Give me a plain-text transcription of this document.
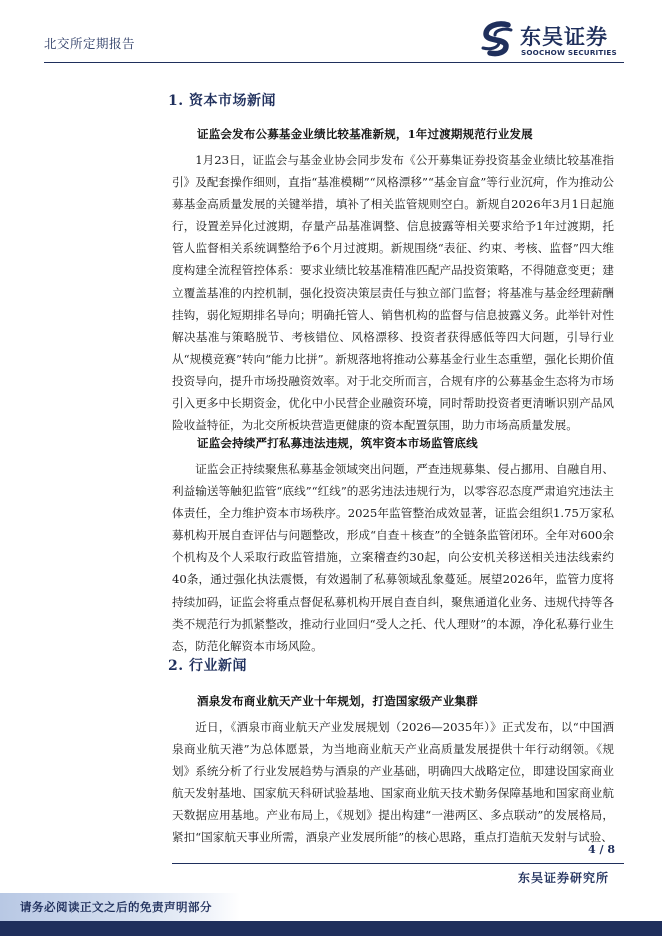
北交所定期报告	东吴证券
SOOCHOW SECURITIES
1. 资本市场新闻
证监会发布公募基金业绩比较基准新规，1年过渡期规范行业发展

1月23日，证监会与基金业协会同步发布《公开募集证券投资基金业绩比较基准指引》及配套操作细则，直指“基准模糊”“风格漂移”“基金盲盒”等行业沉疴，作为推动公募基金高质量发展的关键举措，填补了相关监管规则空白。新规自2026年3月1日起施行，设置差异化过渡期，存量产品基准调整、信息披露等相关要求给予1年过渡期，托管人监督相关系统调整给予6个月过渡期。新规围绕“表征、约束、考核、监督”四大维度构建全流程管控体系：要求业绩比较基准精准匹配产品投资策略，不得随意变更；建立覆盖基准的内控机制，强化投资决策层责任与独立部门监督；将基准与基金经理薪酬挂钩，弱化短期排名导向；明确托管人、销售机构的监督与信息披露义务。此举针对性解决基准与策略脱节、考核错位、风格漂移、投资者获得感低等四大问题，引导行业从“规模竞赛”转向“能力比拼”。新规落地将推动公募基金行业生态重塑，强化长期价值投资导向，提升市场投融资效率。对于北交所而言，合规有序的公募基金生态将为市场引入更多中长期资金，优化中小民营企业融资环境，同时帮助投资者更清晰识别产品风险收益特征，为北交所板块营造更健康的资本配置氛围，助力市场高质量发展。

证监会持续严打私募违法违规，筑牢资本市场监管底线

证监会正持续聚焦私募基金领域突出问题，严查违规募集、侵占挪用、自融自用、利益输送等触犯监管“底线”“红线”的恶劣违法违规行为，以零容忍态度严肃追究违法主体责任，全力维护资本市场秩序。2025年监管整治成效显著，证监会组织1.75万家私募机构开展自查评估与问题整改，形成“自查＋核查”的全链条监管闭环。全年对600余个机构及个人采取行政监管措施，立案稽查约30起，向公安机关移送相关违法线索约40条，通过强化执法震慑，有效遏制了私募领域乱象蔓延。展望2026年，监管力度将持续加码，证监会将重点督促私募机构开展自查自纠，聚焦通道化业务、违规代持等各类不规范行为抓紧整改，推动行业回归“受人之托、代人理财”的本源，净化私募行业生态，防范化解资本市场风险。

2. 行业新闻
酒泉发布商业航天产业十年规划，打造国家级产业集群

近日，《酒泉市商业航天产业发展规划（2026—2035年）》正式发布，以“中国酒泉商业航天港”为总体愿景，为当地商业航天产业高质量发展提供十年行动纲领。《规划》系统分析了行业发展趋势与酒泉的产业基础，明确四大战略定位，即建设国家商业航天发射基地、国家航天科研试验基地、国家商业航天技术勤务保障基地和国家商业航天数据应用基地。产业布局上，《规划》提出构建“一港两区、多点联动”的发展格局，紧扣“国家航天事业所需，酒泉产业发展所能”的核心思路，重点打造航天发射与试验、

4 / 8
东吴证券研究所
请务必阅读正文之后的免责声明部分
